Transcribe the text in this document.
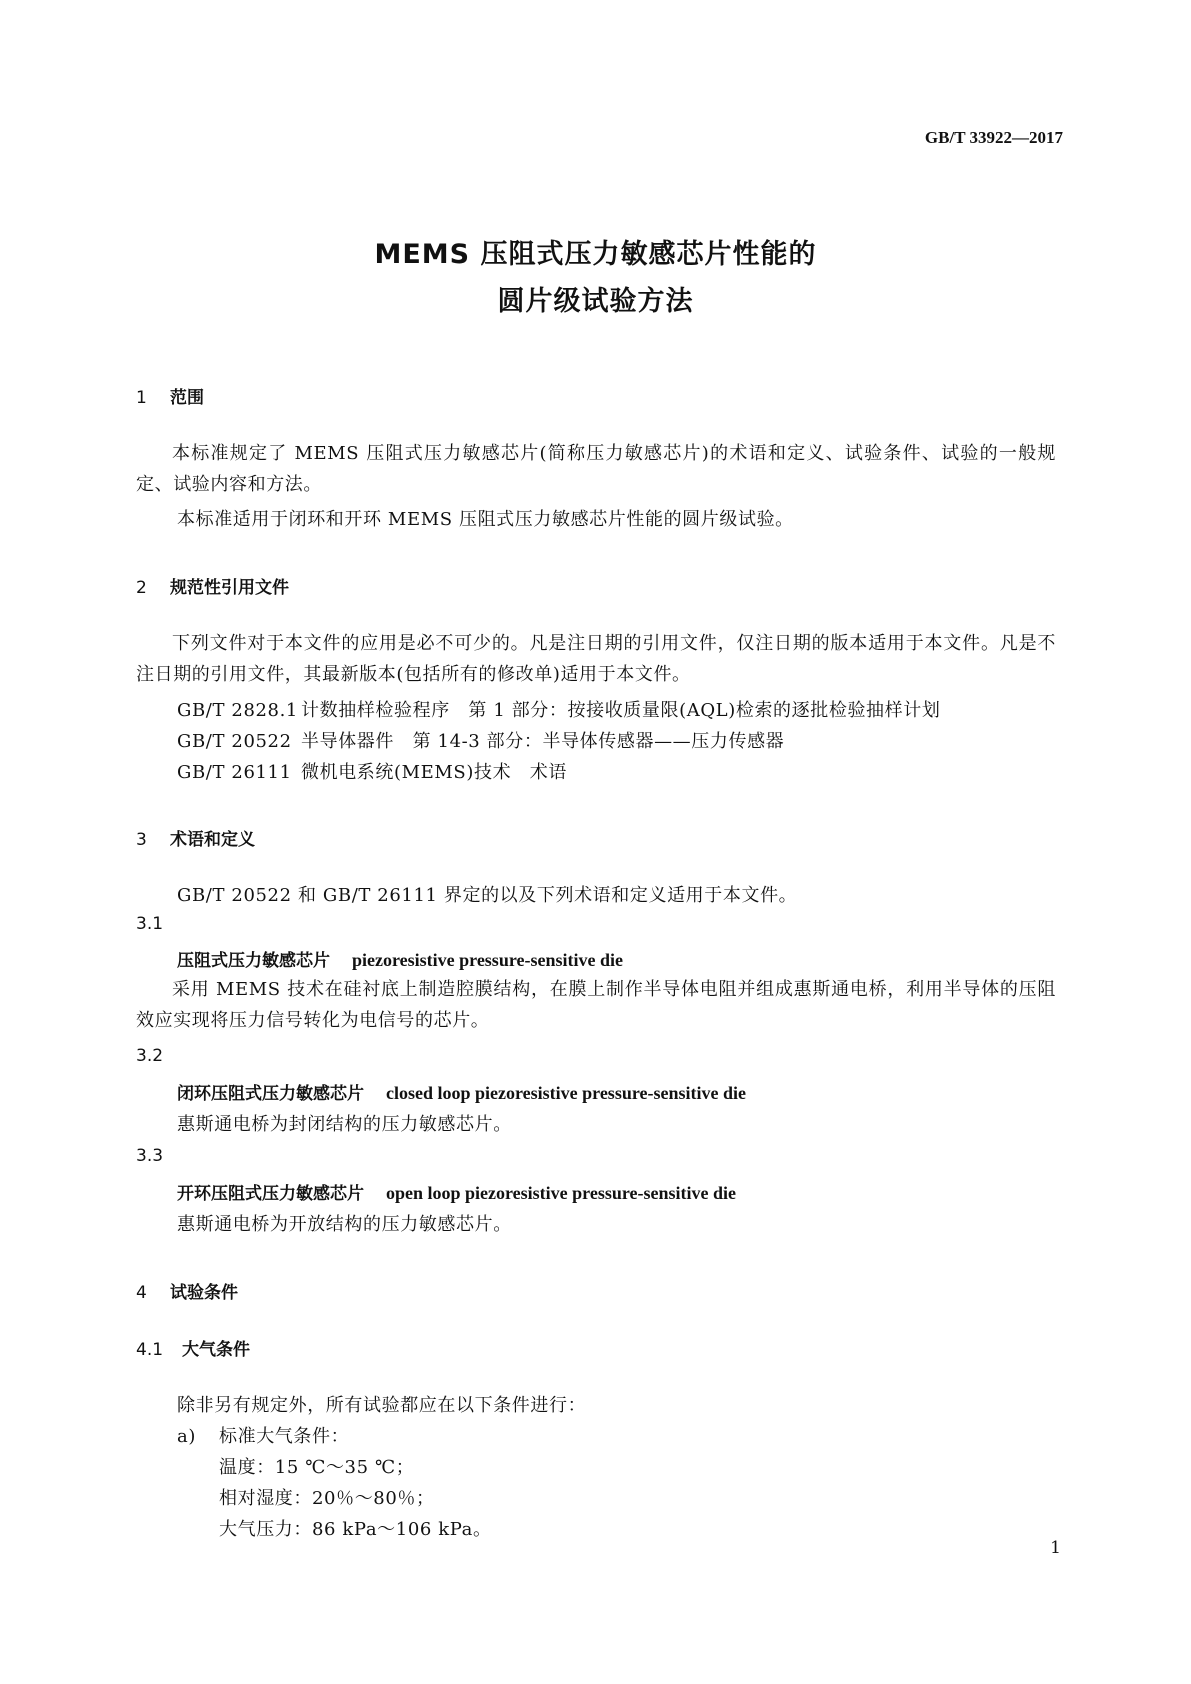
GB/T 33922—2017

MEMS 压阻式压力敏感芯片性能的

圆片级试验方法

1 范围

本标准规定了 MEMS 压阻式压力敏感芯片(简称压力敏感芯片)的术语和定义、试验条件、试验的一般规定、试验内容和方法。

本标准适用于闭环和开环 MEMS 压阻式压力敏感芯片性能的圆片级试验。

2 规范性引用文件

下列文件对于本文件的应用是必不可少的。凡是注日期的引用文件，仅注日期的版本适用于本文件。凡是不注日期的引用文件，其最新版本(包括所有的修改单)适用于本文件。

GB/T 2828.1 计数抽样检验程序　第 1 部分：按接收质量限(AQL)检索的逐批检验抽样计划

GB/T 20522 半导体器件　第 14-3 部分：半导体传感器——压力传感器

GB/T 26111 微机电系统(MEMS)技术　术语

3 术语和定义

GB/T 20522 和 GB/T 26111 界定的以及下列术语和定义适用于本文件。

3.1

压阻式压力敏感芯片 piezoresistive pressure-sensitive die

采用 MEMS 技术在硅衬底上制造腔膜结构，在膜上制作半导体电阻并组成惠斯通电桥，利用半导体的压阻效应实现将压力信号转化为电信号的芯片。

3.2

闭环压阻式压力敏感芯片 closed loop piezoresistive pressure-sensitive die

惠斯通电桥为封闭结构的压力敏感芯片。

3.3

开环压阻式压力敏感芯片 open loop piezoresistive pressure-sensitive die

惠斯通电桥为开放结构的压力敏感芯片。

4 试验条件

4.1 大气条件

除非另有规定外，所有试验都应在以下条件进行：

a) 标准大气条件：

温度：15 ℃～35 ℃；

相对湿度：20％～80％；

大气压力：86 kPa～106 kPa。

1
